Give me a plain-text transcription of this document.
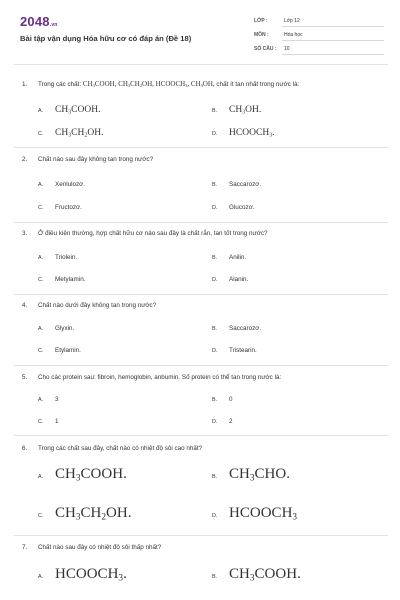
2048.vn
Bài tập vận dụng Hóa hữu cơ có đáp án (Đề 18)
LỚP :	Lớp 12
MÔN :	Hóa học
SỐ CÂU : 10
1. Trong các chất: $CH_3COOH$, $CH_3CH_2OH$, $HCOOCH_3$, $CH_3OH$, chất ít tan nhất trong nước là:
A. $CH_3COOH$.	B. $CH_3OH$.
C. $CH_3CH_2OH$.	D. $HCOOCH_3$.
2. Chất nào sau đây không tan trong nước?
A. Xenlulozơ.	B. Saccarozơ.
C. Fructozơ.	D. Glucozơ.
3. Ở điều kiện thường, hợp chất hữu cơ nào sau đây là chất rắn, tan tốt trong nước?
A. Triolein.	B. Anilin.
C. Metylamin.	D. Alanin.
4. Chất nào dưới đây không tan trong nước?
A. Glyxin.	B. Saccarozơ.
C. Etylamin.	D. Tristearin.
5. Cho các protein sau: fibroin, hemoglobin, anbumin. Số protein có thể tan trong nước là:
A. 3	B. 0
C. 1	D. 2
6. Trong các chất sau đây, chất nào có nhiệt độ sôi cao nhất?
A. $CH_3COOH$.	B. $CH_3CHO$.
C. $CH_3CH_2OH$.	D. $HCOOCH_3$
7. Chất nào sau đây có nhiệt độ sôi thấp nhất?
A. $HCOOCH_3$.	B. $CH_3COOH$.
